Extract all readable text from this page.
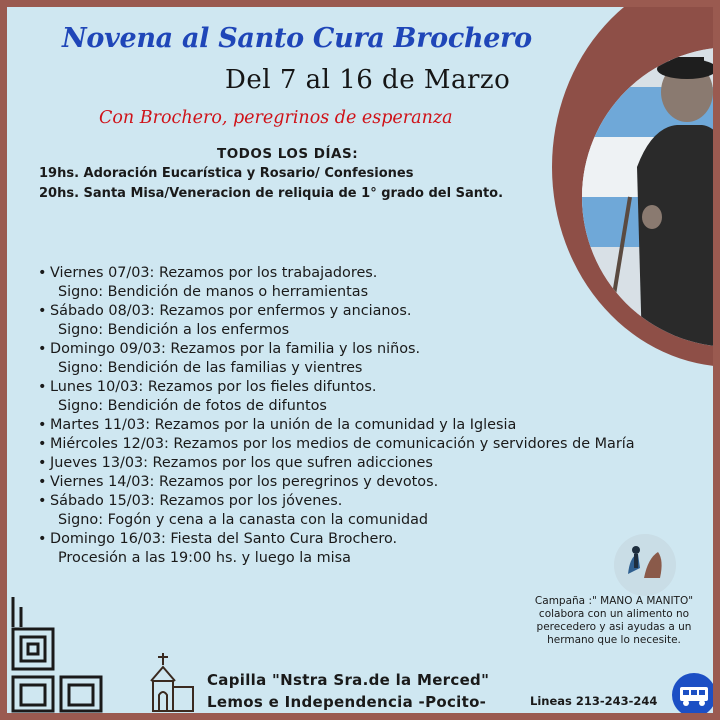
Novena al Santo Cura Brochero
Del 7 al 16 de Marzo
Con Brochero, peregrinos de esperanza
TODOS LOS DÍAS:
19hs. Adoración Eucarística y Rosario/ Confesiones
20hs. Santa Misa/Veneracion de reliquia de 1° grado del Santo.
• Viernes 07/03: Rezamos por los trabajadores.
Signo: Bendición de manos o herramientas
• Sábado 08/03: Rezamos por enfermos y ancianos.
Signo: Bendición a los enfermos
• Domingo 09/03: Rezamos por la familia y los niños.
Signo: Bendición de las familias y vientres
• Lunes 10/03: Rezamos por los fieles difuntos.
Signo: Bendición de fotos de difuntos
• Martes 11/03: Rezamos por la unión de la comunidad y la Iglesia
• Miércoles 12/03: Rezamos por los medios de comunicación y servidores de María
• Jueves 13/03: Rezamos por los que sufren adicciones
• Viernes 14/03: Rezamos por los peregrinos y devotos.
• Sábado 15/03: Rezamos por los jóvenes.
Signo: Fogón y cena a la canasta con la comunidad
• Domingo 16/03: Fiesta del Santo Cura Brochero.
Procesión a las 19:00 hs. y luego la misa
Campaña :" MANO A MANITO"
colabora con un alimento no
perecedero y asi ayudas a un
hermano que lo necesite.
Capilla "Nstra Sra.de la Merced"
Lemos e Independencia -Pocito-	Lineas 213-243-244
